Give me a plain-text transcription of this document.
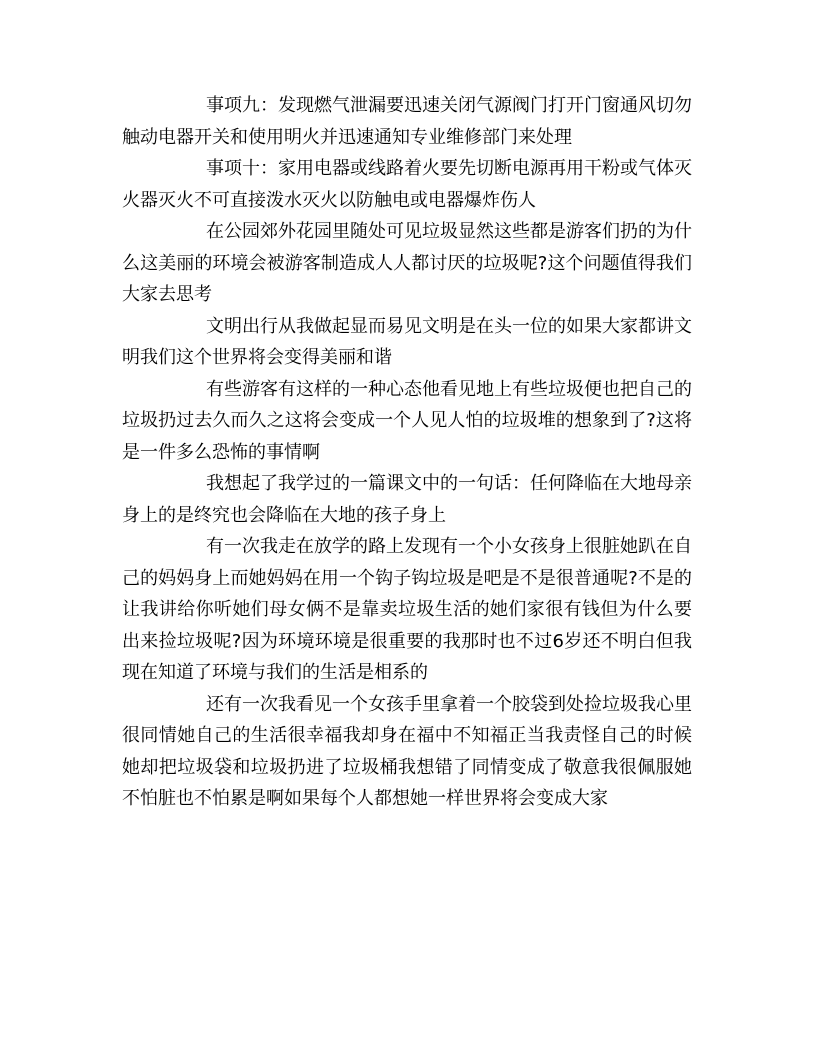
事项九：发现燃气泄漏要迅速关闭气源阀门打开门窗通风切勿触动电器开关和使用明火并迅速通知专业维修部门来处理

事项十：家用电器或线路着火要先切断电源再用干粉或气体灭火器灭火不可直接泼水灭火以防触电或电器爆炸伤人

在公园郊外花园里随处可见垃圾显然这些都是游客们扔的为什么这美丽的环境会被游客制造成人人都讨厌的垃圾呢?这个问题值得我们大家去思考

文明出行从我做起显而易见文明是在头一位的如果大家都讲文明我们这个世界将会变得美丽和谐

有些游客有这样的一种心态他看见地上有些垃圾便也把自己的垃圾扔过去久而久之这将会变成一个人见人怕的垃圾堆的想象到了?这将是一件多么恐怖的事情啊

我想起了我学过的一篇课文中的一句话：任何降临在大地母亲身上的是终究也会降临在大地的孩子身上

有一次我走在放学的路上发现有一个小女孩身上很脏她趴在自己的妈妈身上而她妈妈在用一个钩子钩垃圾是吧是不是很普通呢?不是的让我讲给你听她们母女俩不是靠卖垃圾生活的她们家很有钱但为什么要出来捡垃圾呢?因为环境环境是很重要的我那时也不过6岁还不明白但我现在知道了环境与我们的生活是相系的

还有一次我看见一个女孩手里拿着一个胶袋到处捡垃圾我心里很同情她自己的生活很幸福我却身在福中不知福正当我责怪自己的时候她却把垃圾袋和垃圾扔进了垃圾桶我想错了同情变成了敬意我很佩服她不怕脏也不怕累是啊如果每个人都想她一样世界将会变成大家
